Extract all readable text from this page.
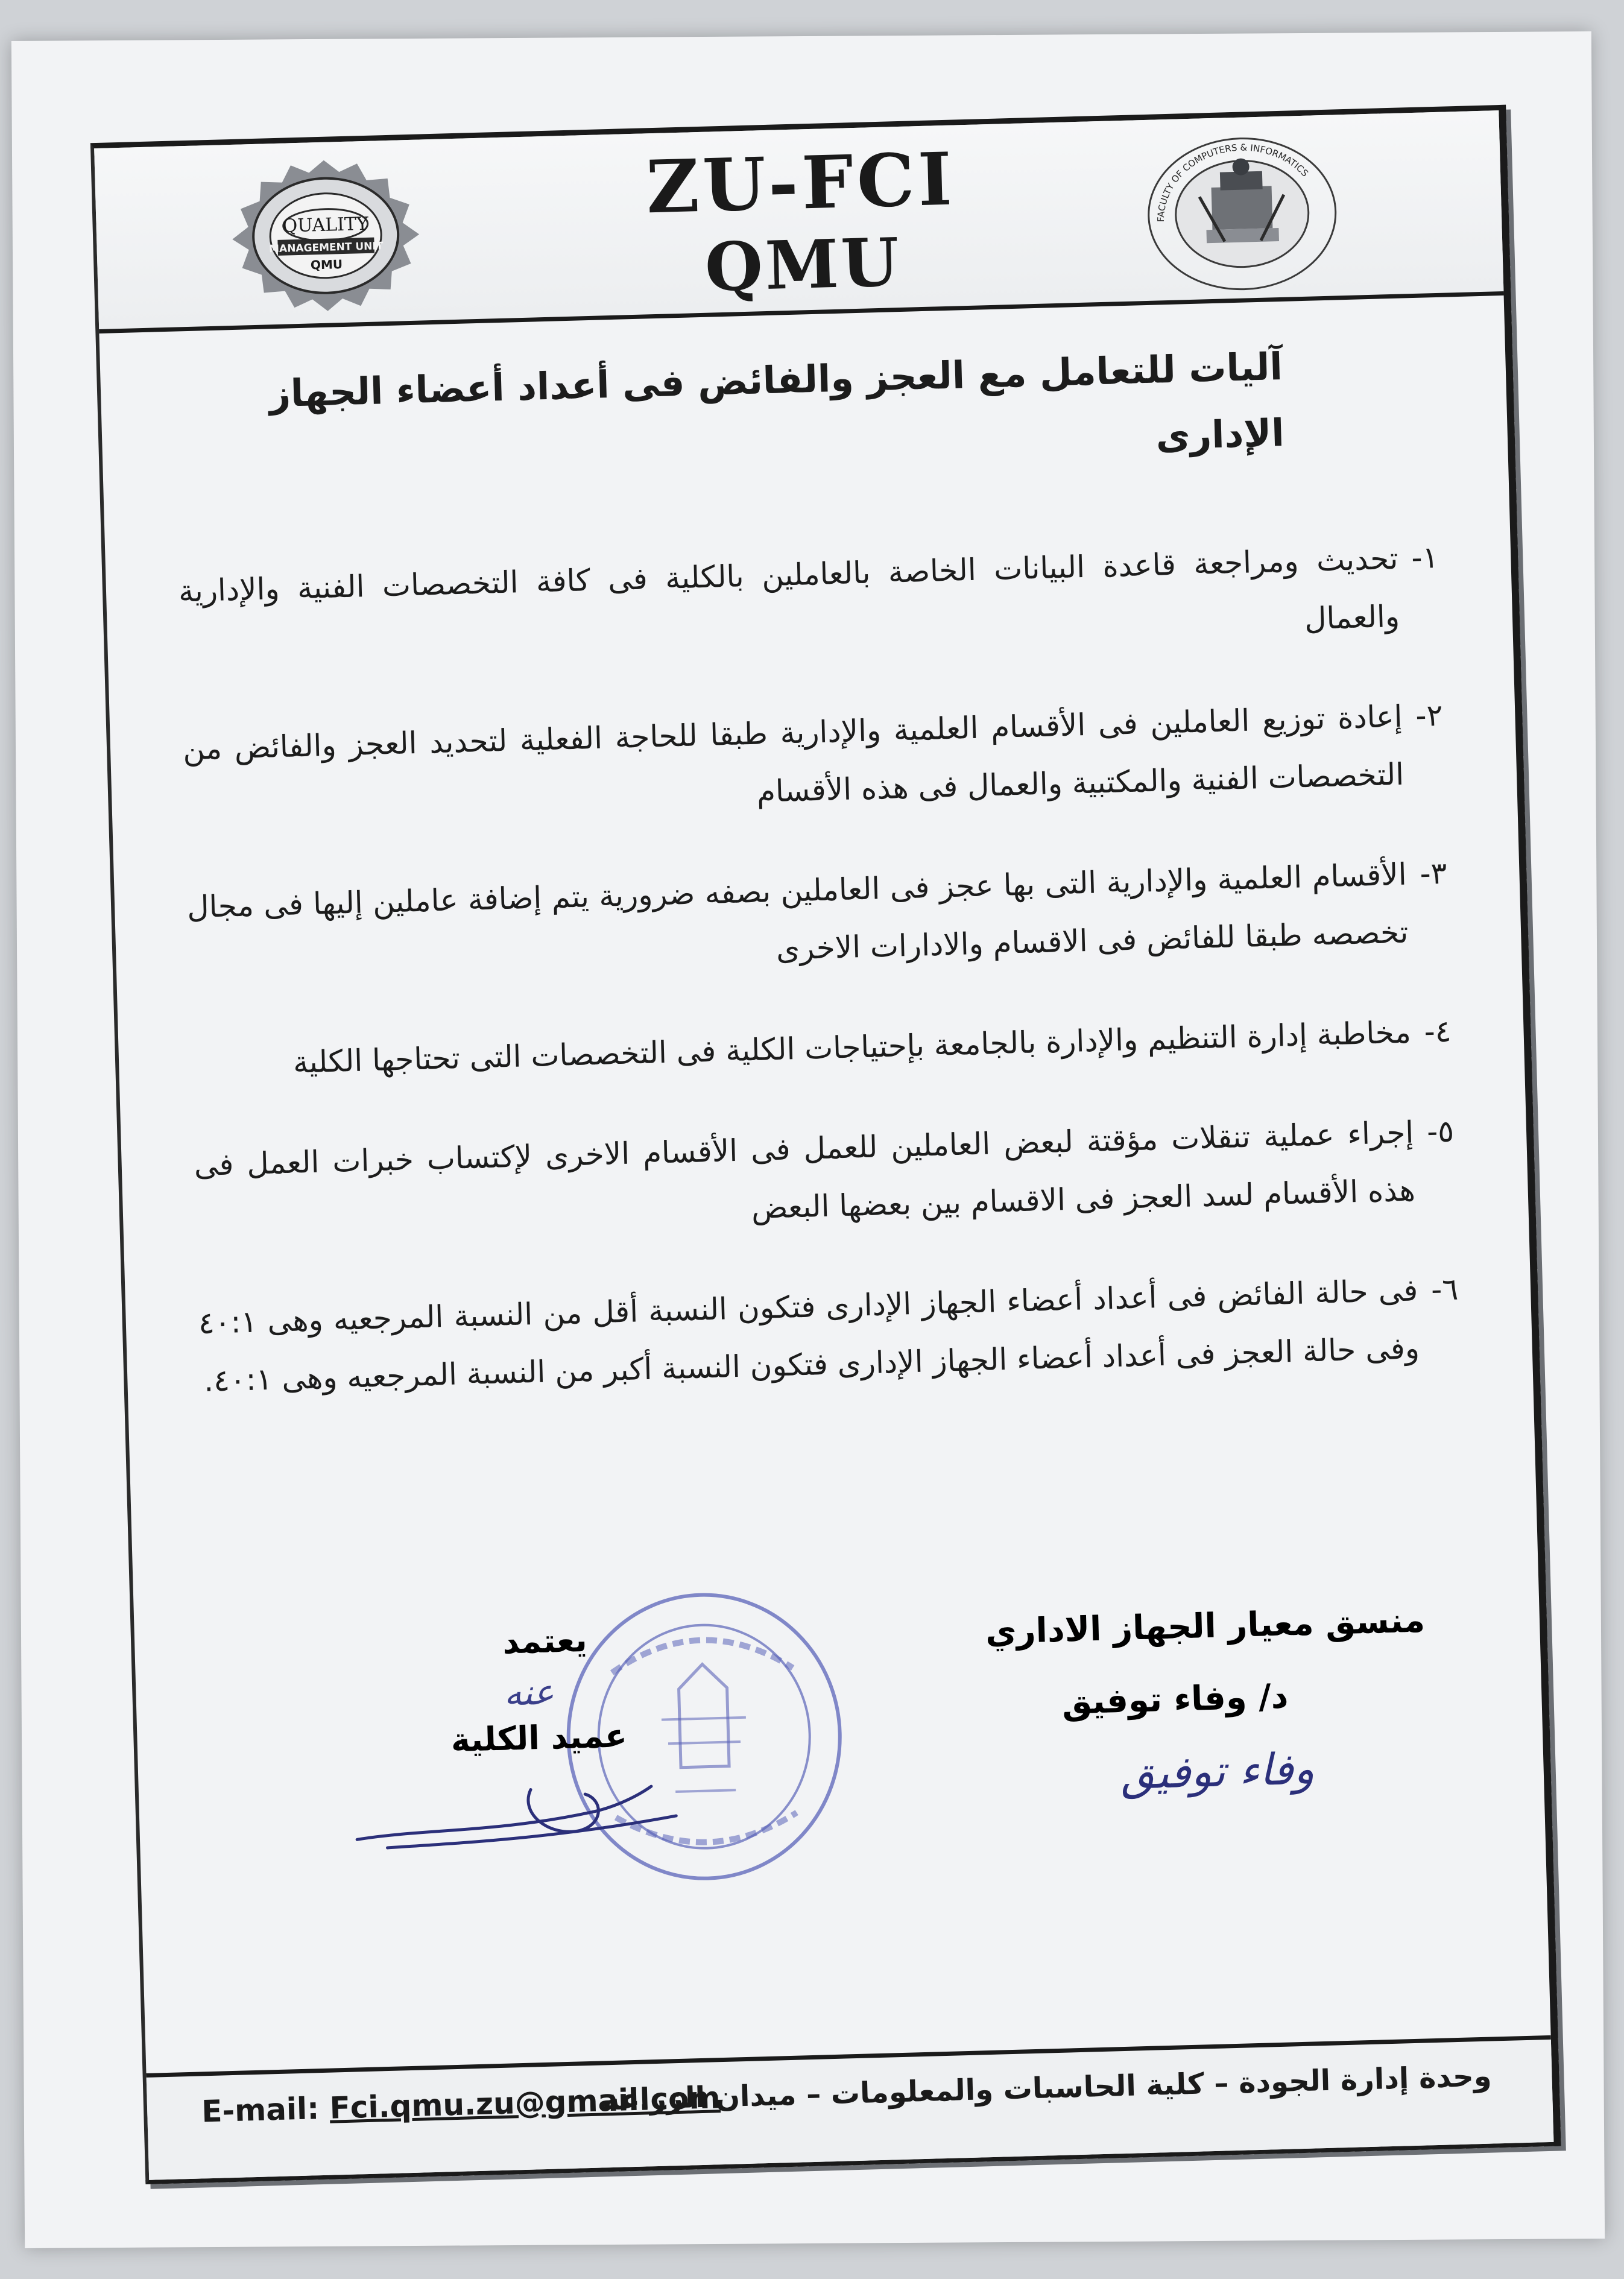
QUALITY
MANAGEMENT UNIT
QMU
ZU-FCI
QMU
FACULTY OF COMPUTERS & INFORMATICS
آليات للتعامل مع العجز والفائض فى أعداد أعضاء الجهاز الإدارى
١-
تحديث ومراجعة قاعدة البيانات الخاصة بالعاملين بالكلية فى كافة التخصصات الفنية والإدارية والعمال
٢-
إعادة توزيع العاملين فى الأقسام العلمية والإدارية طبقا للحاجة الفعلية لتحديد العجز والفائض من التخصصات الفنية والمكتبية والعمال فى هذه الأقسام
٣-
الأقسام العلمية والإدارية التى بها عجز فى العاملين بصفه ضرورية يتم إضافة عاملين إليها فى مجال تخصصه طبقا للفائض فى الاقسام والادارات الاخرى
٤-
مخاطبة إدارة التنظيم والإدارة بالجامعة بإحتياجات الكلية فى التخصصات التى تحتاجها الكلية
٥-
إجراء عملية تنقلات مؤقتة لبعض العاملين للعمل فى الأقسام الاخرى لإكتساب خبرات العمل فى هذه الأقسام لسد العجز فى الاقسام بين بعضها البعض
٦-
فى حالة الفائض فى أعداد أعضاء الجهاز الإدارى فتكون النسبة أقل من النسبة المرجعيه وهى ٤٠:١ وفى حالة العجز فى أعداد أعضاء الجهاز الإدارى فتكون النسبة أكبر من النسبة المرجعيه وهى ٤٠:١.
منسق معيار الجهاز الاداري
د/ وفاء توفيق
وفاء توفيق
يعتمد
عنه
عميد الكلية
E-mail: Fci.qmu.zu@gmail.com
وحدة إدارة الجودة – كلية الحاسبات والمعلومات – ميدان الزراعة
